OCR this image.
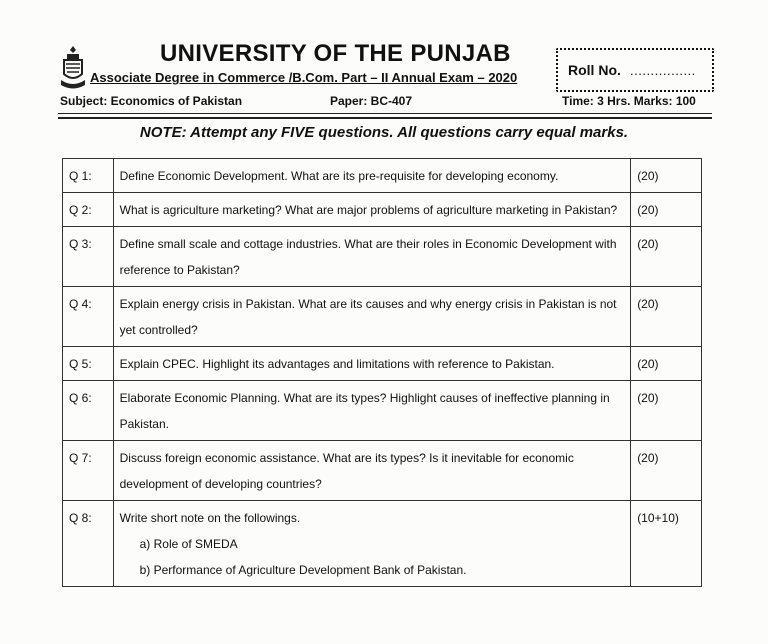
UNIVERSITY OF THE PUNJAB
Associate Degree in Commerce /B.Com. Part – II Annual Exam – 2020	Roll No. ................
Subject: Economics of Pakistan	Paper: BC-407	Time: 3 Hrs. Marks: 100
NOTE: Attempt any FIVE questions. All questions carry equal marks.
Q 1:	Define Economic Development. What are its pre-requisite for developing economy.	(20)
Q 2:	What is agriculture marketing? What are major problems of agriculture marketing in Pakistan?	(20)
Q 3:	Define small scale and cottage industries. What are their roles in Economic Development with reference to Pakistan?	(20)
Q 4:	Explain energy crisis in Pakistan. What are its causes and why energy crisis in Pakistan is not yet controlled?	(20)
Q 5:	Explain CPEC. Highlight its advantages and limitations with reference to Pakistan.	(20)
Q 6:	Elaborate Economic Planning. What are its types? Highlight causes of ineffective planning in Pakistan.	(20)
Q 7:	Discuss foreign economic assistance. What are its types? Is it inevitable for economic development of developing countries?	(20)
Q 8:	Write short note on the followings.
a) Role of SMEDA
b) Performance of Agriculture Development Bank of Pakistan.	(10+10)
